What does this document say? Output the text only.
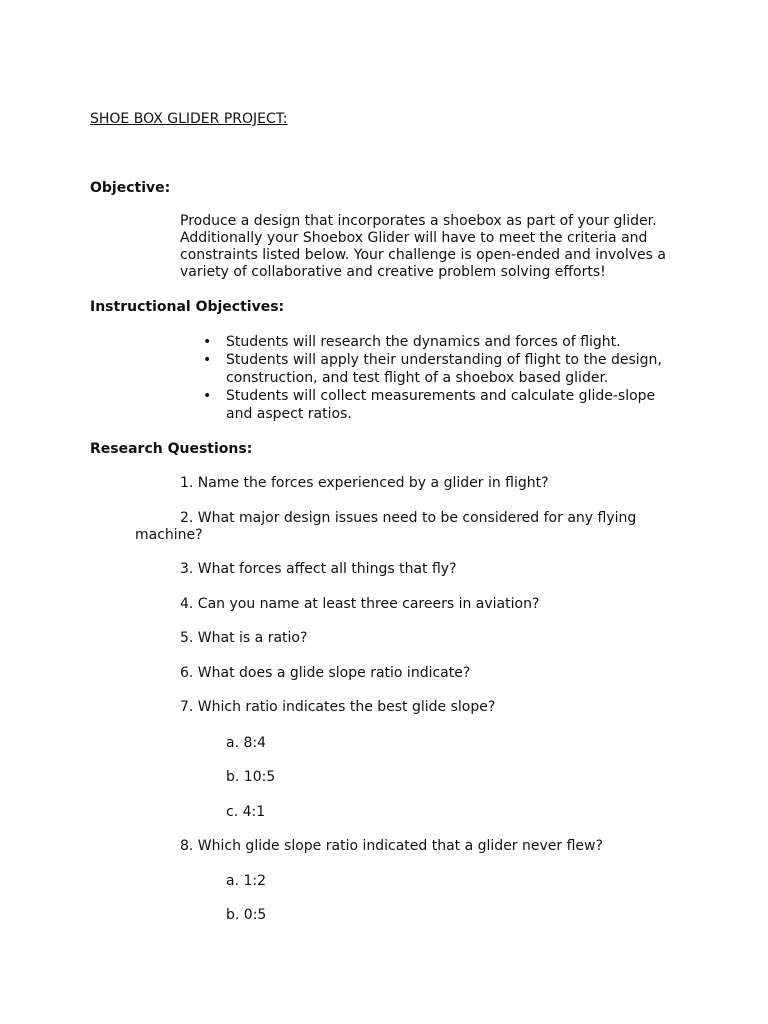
SHOE BOX GLIDER PROJECT:
Objective:
Produce a design that incorporates a shoebox as part of your glider.
Additionally your Shoebox Glider will have to meet the criteria and
constraints listed below. Your challenge is open-ended and involves a
variety of collaborative and creative problem solving efforts!
Instructional Objectives:
• Students will research the dynamics and forces of flight.
• Students will apply their understanding of flight to the design,
construction, and test flight of a shoebox based glider.
• Students will collect measurements and calculate glide-slope
and aspect ratios.
Research Questions:
1. Name the forces experienced by a glider in flight?
2. What major design issues need to be considered for any flying
machine?
3. What forces affect all things that fly?
4. Can you name at least three careers in aviation?
5. What is a ratio?
6. What does a glide slope ratio indicate?
7. Which ratio indicates the best glide slope?
a. 8:4
b. 10:5
c. 4:1
8. Which glide slope ratio indicated that a glider never flew?
a. 1:2
b. 0:5
